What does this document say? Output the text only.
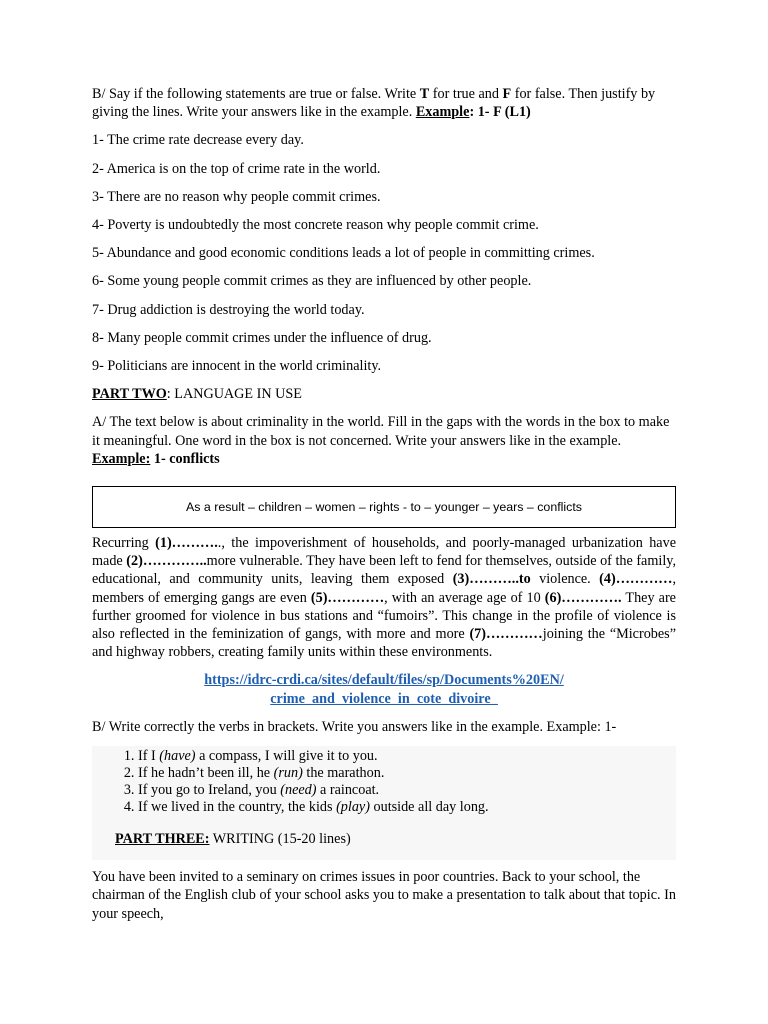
B/ Say if the following statements are true or false. Write T for true and F for false. Then justify by giving the lines. Write your answers like in the example. Example: 1- F (L1)

1- The crime rate decrease every day.

2- America is on the top of crime rate in the world.

3- There are no reason why people commit crimes.

4- Poverty is undoubtedly the most concrete reason why people commit crime.

5- Abundance and good economic conditions leads a lot of people in committing crimes.

6- Some young people commit crimes as they are influenced by other people.

7- Drug addiction is destroying the world today.

8- Many people commit crimes under the influence of drug.

9- Politicians are innocent in the world criminality.

PART TWO: LANGUAGE IN USE

A/ The text below is about criminality in the world. Fill in the gaps with the words in the box to make it meaningful. One word in the box is not concerned. Write your answers like in the example. Example: 1- conflicts

As a result – children – women – rights - to – younger – years – conflicts

Recurring (1)……….., the impoverishment of households, and poorly-managed urbanization have made (2)…………..more vulnerable. They have been left to fend for themselves, outside of the family, educational, and community units, leaving them exposed (3)………..to violence. (4)…………, members of emerging gangs are even (5)…………, with an average age of 10 (6)…………. They are further groomed for violence in bus stations and “fumoirs”. This change in the profile of violence is also reflected in the feminization of gangs, with more and more (7)…………joining the “Microbes” and highway robbers, creating family units within these environments.

https://idrc-crdi.ca/sites/default/files/sp/Documents%20EN/
crime_and_violence_in_cote_divoire_

B/ Write correctly the verbs in brackets. Write you answers like in the example. Example: 1-

1. If I (have) a compass, I will give it to you.
2. If he hadn’t been ill, he (run) the marathon.
3. If you go to Ireland, you (need) a raincoat.
4. If we lived in the country, the kids (play) outside all day long.

PART THREE: WRITING (15-20 lines)

You have been invited to a seminary on crimes issues in poor countries. Back to your school, the chairman of the English club of your school asks you to make a presentation to talk about that topic. In your speech,
